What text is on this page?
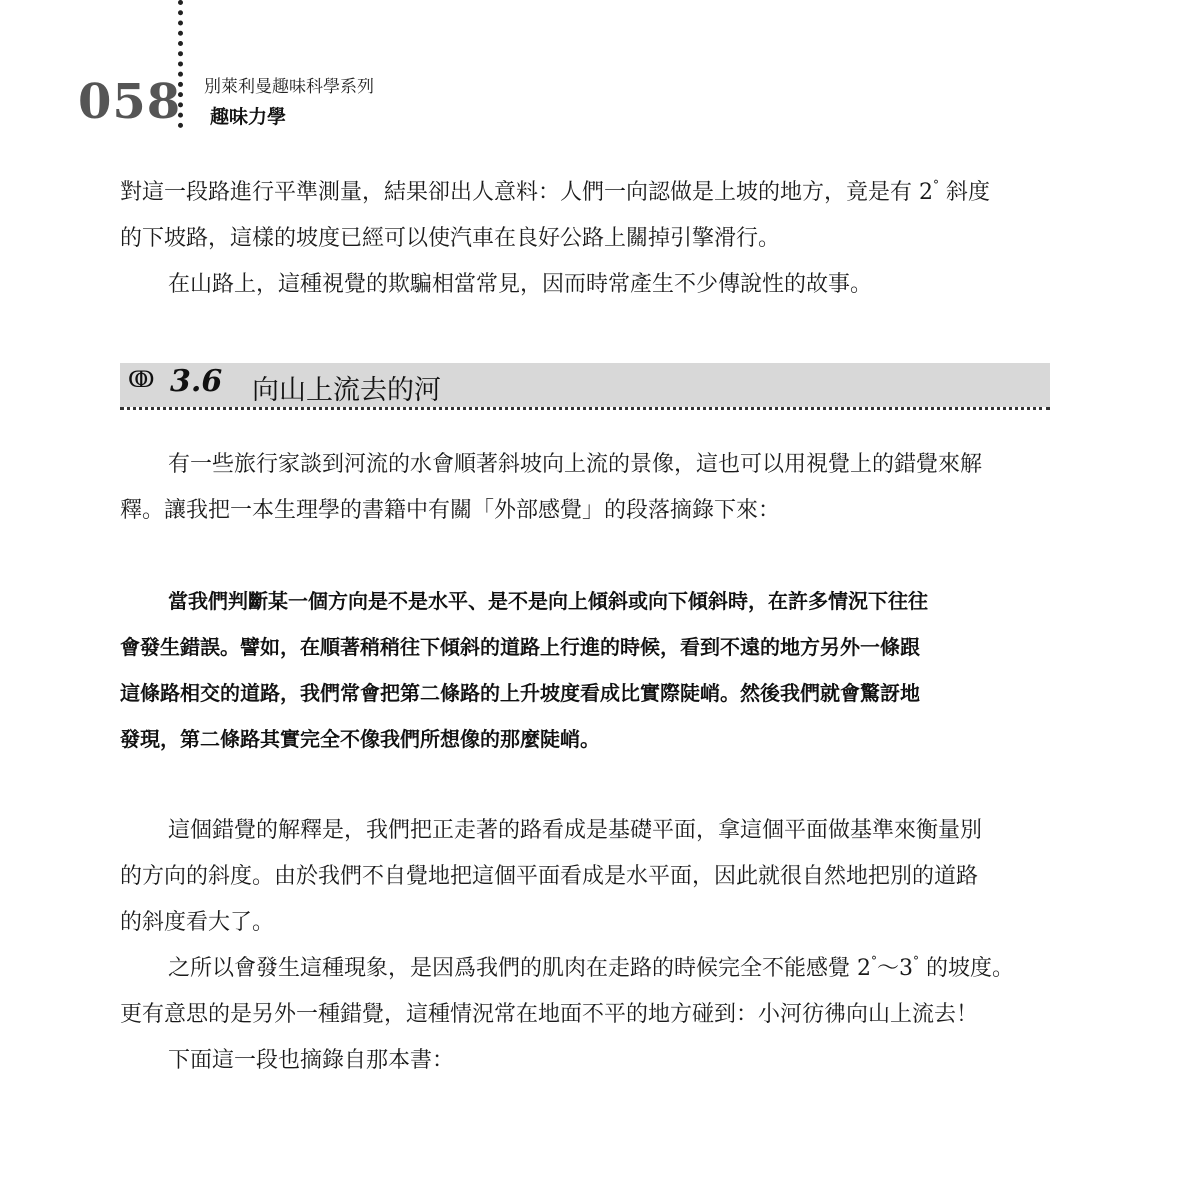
058 別萊利曼趣味科學系列
趣味力學
對這一段路進行平準測量，結果卻出人意料：人們一向認做是上坡的地方，竟是有 2° 斜度
的下坡路，這樣的坡度已經可以使汽車在良好公路上關掉引擎滑行。
在山路上，這種視覺的欺騙相當常見，因而時常產生不少傳說性的故事。
ↂ 3.6 向山上流去的河
有一些旅行家談到河流的水會順著斜坡向上流的景像，這也可以用視覺上的錯覺來解
釋。讓我把一本生理學的書籍中有關「外部感覺」的段落摘錄下來：
當我們判斷某一個方向是不是水平、是不是向上傾斜或向下傾斜時，在許多情況下往往
會發生錯誤。譬如，在順著稍稍往下傾斜的道路上行進的時候，看到不遠的地方另外一條跟
這條路相交的道路，我們常會把第二條路的上升坡度看成比實際陡峭。然後我們就會驚訝地
發現，第二條路其實完全不像我們所想像的那麼陡峭。
這個錯覺的解釋是，我們把正走著的路看成是基礎平面，拿這個平面做基準來衡量別
的方向的斜度。由於我們不自覺地把這個平面看成是水平面，因此就很自然地把別的道路
的斜度看大了。
之所以會發生這種現象，是因爲我們的肌肉在走路的時候完全不能感覺 2°～3° 的坡度。
更有意思的是另外一種錯覺，這種情況常在地面不平的地方碰到：小河彷彿向山上流去！
下面這一段也摘錄自那本書：
